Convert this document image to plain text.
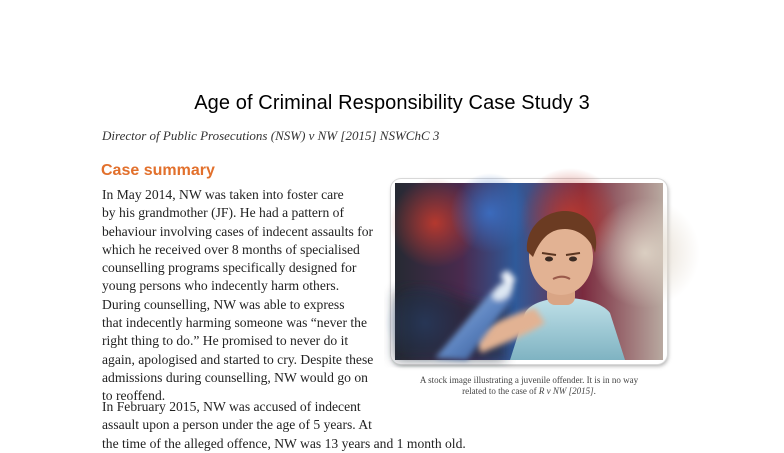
Age of Criminal Responsibility Case Study 3
Director of Public Prosecutions (NSW) v NW [2015] NSWChC 3
Case summary
In May 2014, NW was taken into foster care
by his grandmother (JF). He had a pattern of
behaviour involving cases of indecent assaults for
which he received over 8 months of specialised
counselling programs specifically designed for
young persons who indecently harm others.
During counselling, NW was able to express
that indecently harming someone was “never the
right thing to do.” He promised to never do it
again, apologised and started to cry. Despite these
admissions during counselling, NW would go on
to reoffend.
In February 2015, NW was accused of indecent
assault upon a person under the age of 5 years. At
the time of the alleged offence, NW was 13 years and 1 month old.
A stock image illustrating a juvenile offender. It is in no way
related to the case of R v NW [2015].
